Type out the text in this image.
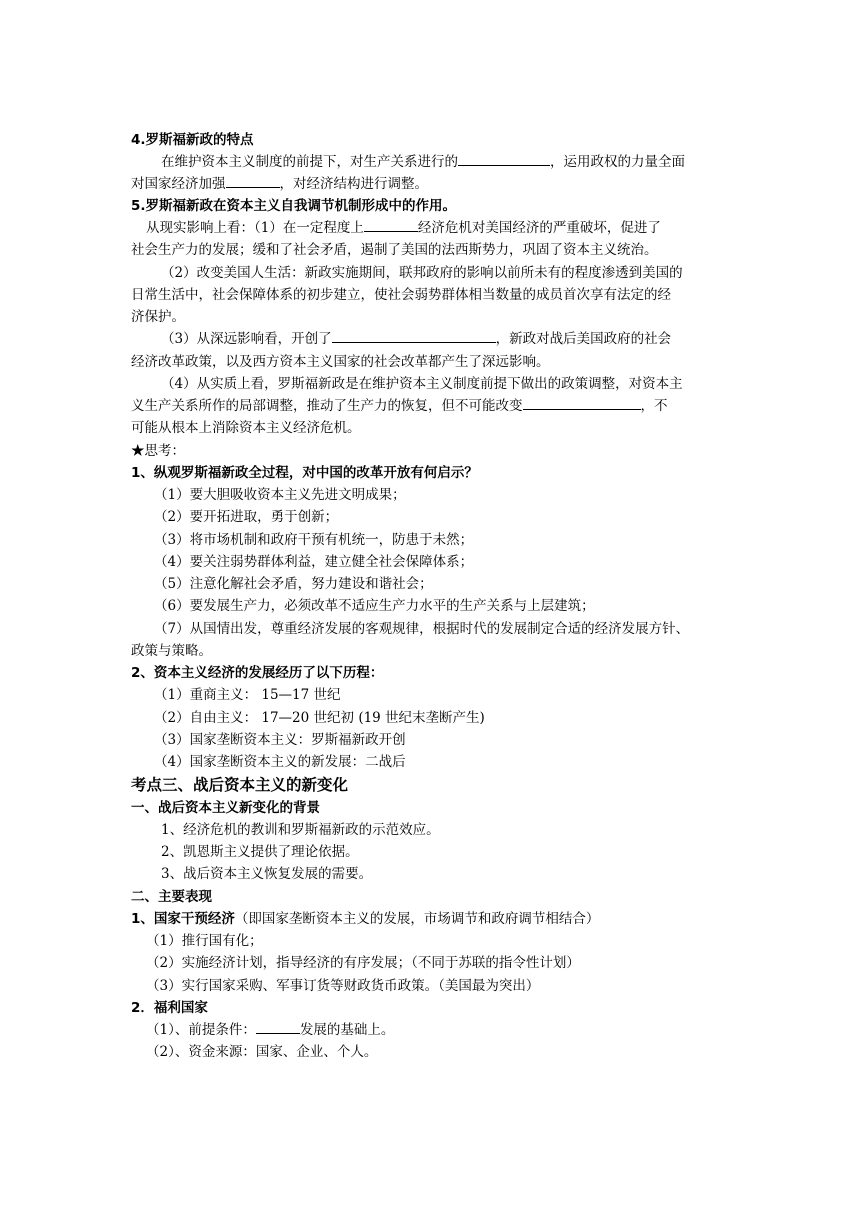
4.罗斯福新政的特点
在维护资本主义制度的前提下，对生产关系进行的	，运用政权的力量全面
对国家经济加强	，对经济结构进行调整。
5.罗斯福新政在资本主义自我调节机制形成中的作用。
从现实影响上看：（1）在一定程度上	经济危机对美国经济的严重破坏，促进了
社会生产力的发展；缓和了社会矛盾，遏制了美国的法西斯势力，巩固了资本主义统治。
（2）改变美国人生活：新政实施期间，联邦政府的影响以前所未有的程度渗透到美国的
日常生活中，社会保障体系的初步建立，使社会弱势群体相当数量的成员首次享有法定的经
济保护。
（3）从深远影响看，开创了	，新政对战后美国政府的社会
经济改革政策，以及西方资本主义国家的社会改革都产生了深远影响。
（4）从实质上看，罗斯福新政是在维护资本主义制度前提下做出的政策调整，对资本主
义生产关系所作的局部调整，推动了生产力的恢复，但不可能改变	，不
可能从根本上消除资本主义经济危机。
★思考：
1、纵观罗斯福新政全过程，对中国的改革开放有何启示？
（1）要大胆吸收资本主义先进文明成果；
（2）要开拓进取，勇于创新；
（3）将市场机制和政府干预有机统一，防患于未然；
（4）要关注弱势群体利益，建立健全社会保障体系；
（5）注意化解社会矛盾，努力建设和谐社会；
（6）要发展生产力，必须改革不适应生产力水平的生产关系与上层建筑；
（7）从国情出发，尊重经济发展的客观规律，根据时代的发展制定合适的经济发展方针、
政策与策略。
2、资本主义经济的发展经历了以下历程：
（1）重商主义： 15—17 世纪
（2）自由主义： 17—20 世纪初 (19 世纪末垄断产生)
（3）国家垄断资本主义：罗斯福新政开创
（4）国家垄断资本主义的新发展：二战后
考点三、战后资本主义的新变化
一、战后资本主义新变化的背景
1、经济危机的教训和罗斯福新政的示范效应。
2、凯恩斯主义提供了理论依据。
3、战后资本主义恢复发展的需要。
二、主要表现
1、国家干预经济（即国家垄断资本主义的发展，市场调节和政府调节相结合）
（1）推行国有化；
（2）实施经济计划，指导经济的有序发展；（不同于苏联的指令性计划）
（3）实行国家采购、军事订货等财政货币政策。（美国最为突出）
2．福利国家
（1）、前提条件：	发展的基础上。
（2）、资金来源：国家、企业、个人。
